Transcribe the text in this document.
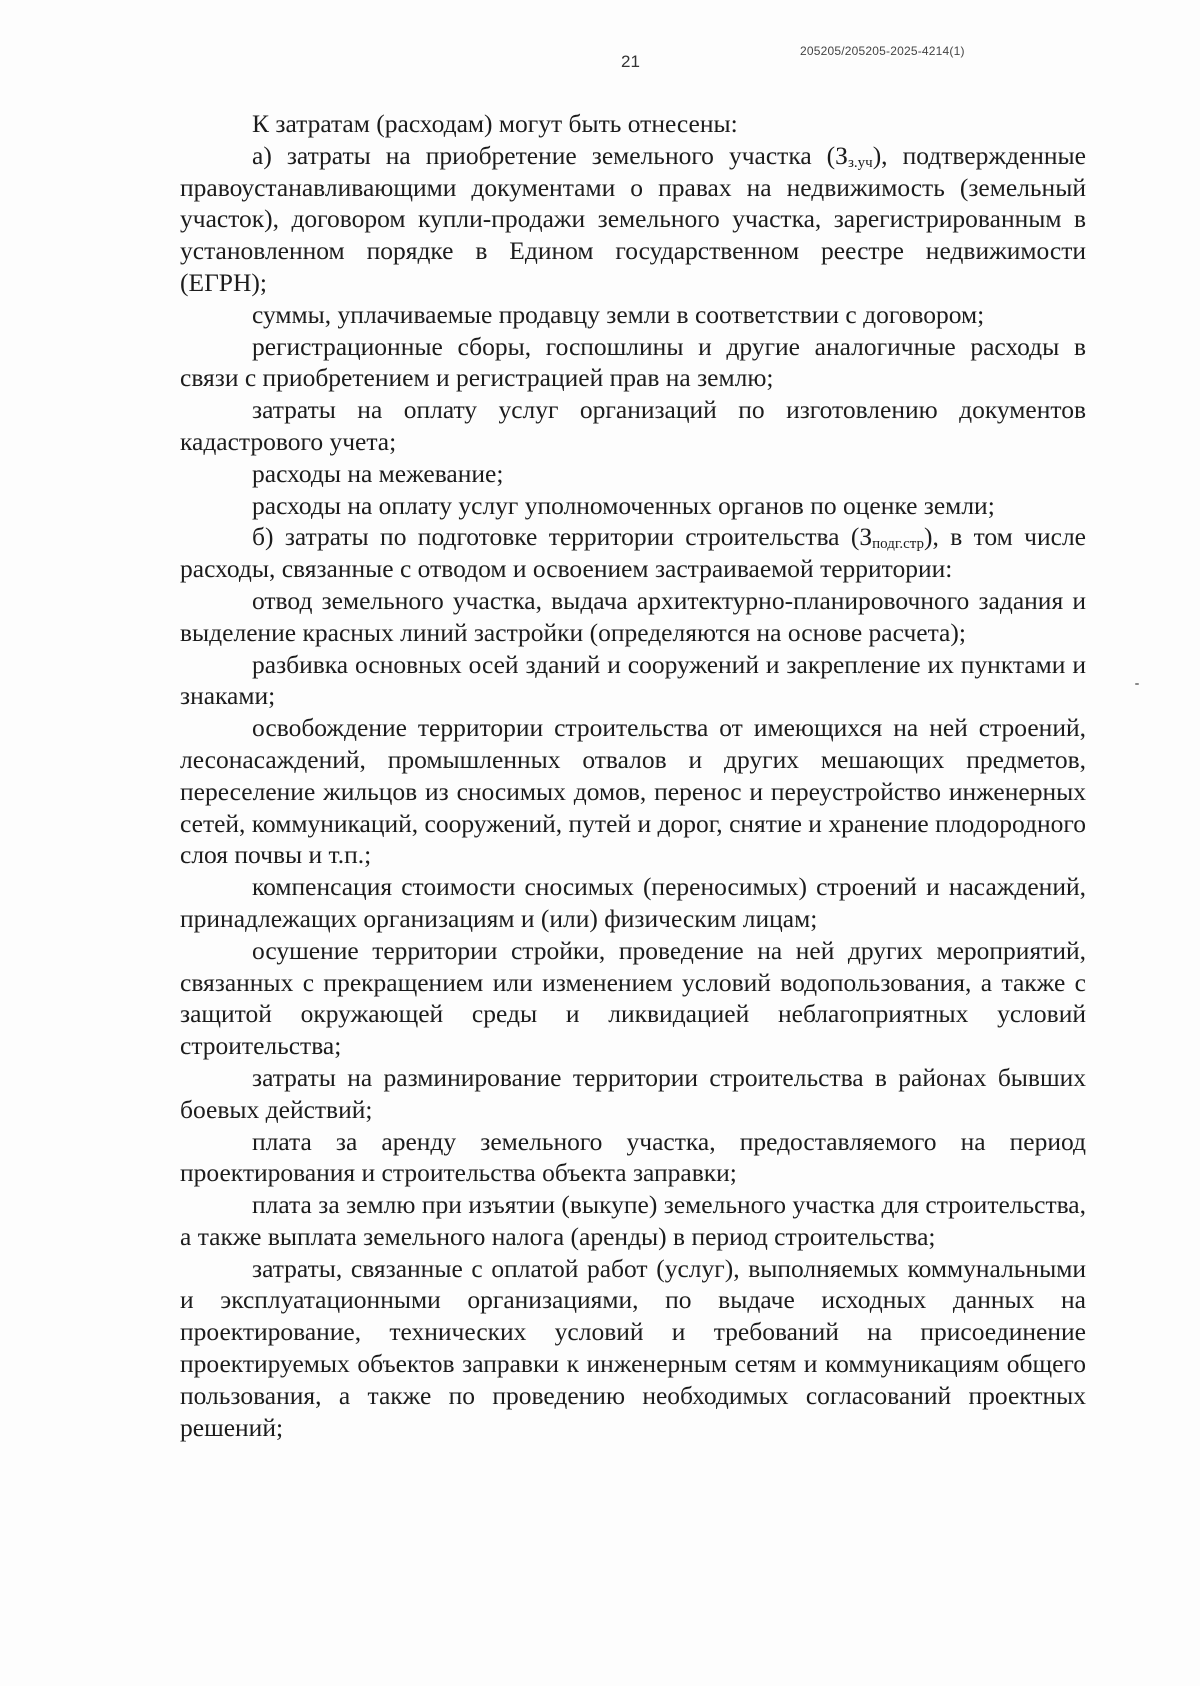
21
205205/205205-2025-4214(1)

К затратам (расходам) могут быть отнесены:

а) затраты на приобретение земельного участка $(З_{з.уч})$, подтвержденные правоустанавливающими документами о правах на недвижимость (земельный участок), договором купли-продажи земельного участка, зарегистрированным в установленном порядке в Едином государственном реестре недвижимости (ЕГРН);

суммы, уплачиваемые продавцу земли в соответствии с договором;

регистрационные сборы, госпошлины и другие аналогичные расходы в связи с приобретением и регистрацией прав на землю;

затраты на оплату услуг организаций по изготовлению документов кадастрового учета;

расходы на межевание;

расходы на оплату услуг уполномоченных органов по оценке земли;

б) затраты по подготовке территории строительства $(З_{подг.стр})$, в том числе расходы, связанные с отводом и освоением застраиваемой территории:

отвод земельного участка, выдача архитектурно-планировочного задания и выделение красных линий застройки (определяются на основе расчета);

разбивка основных осей зданий и сооружений и закрепление их пунктами и знаками;

освобождение территории строительства от имеющихся на ней строений, лесонасаждений, промышленных отвалов и других мешающих предметов, переселение жильцов из сносимых домов, перенос и переустройство инженерных сетей, коммуникаций, сооружений, путей и дорог, снятие и хранение плодородного слоя почвы и т.п.;

компенсация стоимости сносимых (переносимых) строений и насаждений, принадлежащих организациям и (или) физическим лицам;

осушение территории стройки, проведение на ней других мероприятий, связанных с прекращением или изменением условий водопользования, а также с защитой окружающей среды и ликвидацией неблагоприятных условий строительства;

затраты на разминирование территории строительства в районах бывших боевых действий;

плата за аренду земельного участка, предоставляемого на период проектирования и строительства объекта заправки;

плата за землю при изъятии (выкупе) земельного участка для строительства, а также выплата земельного налога (аренды) в период строительства;

затраты, связанные с оплатой работ (услуг), выполняемых коммунальными и эксплуатационными организациями, по выдаче исходных данных на проектирование, технических условий и требований на присоединение проектируемых объектов заправки к инженерным сетям и коммуникациям общего пользования, а также по проведению необходимых согласований проектных решений;
